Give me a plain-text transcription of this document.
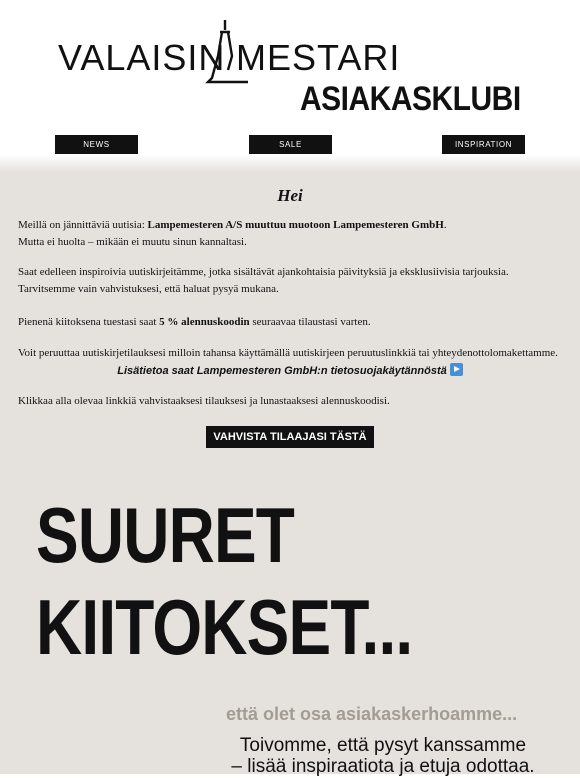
VALAISIN MESTARI
ASIAKASKLUBI
NEWS	SALE	INSPIRATION
Hei
Meillä on jännittäviä uutisia: Lampemesteren A/S muuttuu muotoon Lampemesteren GmbH.
Mutta ei huolta – mikään ei muutu sinun kannaltasi.
Saat edelleen inspiroivia uutiskirjeitämme, jotka sisältävät ajankohtaisia päivityksiä ja eksklusiivisia tarjouksia.
Tarvitsemme vain vahvistuksesi, että haluat pysyä mukana.
Pienenä kiitoksena tuestasi saat 5 % alennuskoodin seuraavaa tilaustasi varten.
Voit peruuttaa uutiskirjetilauksesi milloin tahansa käyttämällä uutiskirjeen peruutuslinkkiä tai yhteydenottolomakettamme.
Lisätietoa saat Lampemesteren GmbH:n tietosuojakäytännöstä
Klikkaa alla olevaa linkkiä vahvistaaksesi tilauksesi ja lunastaaksesi alennuskoodisi.
VAHVISTA TILAAJASI TÄSTÄ
SUURET
KIITOKSET...
että olet osa asiakaskerhoamme...
Toivomme, että pysyt kanssamme
– lisää inspiraatiota ja etuja odottaa.
